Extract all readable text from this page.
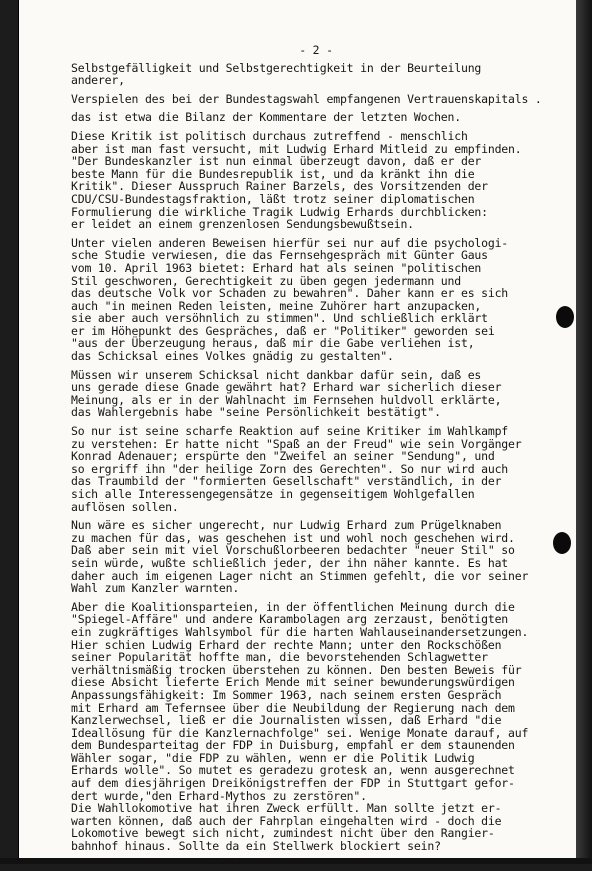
- 2 -
Selbstgefälligkeit und Selbstgerechtigkeit in der Beurteilung
anderer,
Verspielen des bei der Bundestagswahl empfangenen Vertrauenskapitals .
das ist etwa die Bilanz der Kommentare der letzten Wochen.
Diese Kritik ist politisch durchaus zutreffend - menschlich
aber ist man fast versucht, mit Ludwig Erhard Mitleid zu empfinden.
"Der Bundeskanzler ist nun einmal überzeugt davon, daß er der
beste Mann für die Bundesrepublik ist, und da kränkt ihn die
Kritik". Dieser Ausspruch Rainer Barzels, des Vorsitzenden der
CDU/CSU-Bundestagsfraktion, läßt trotz seiner diplomatischen
Formulierung die wirkliche Tragik Ludwig Erhards durchblicken:
er leidet an einem grenzenlosen Sendungsbewußtsein.
Unter vielen anderen Beweisen hierfür sei nur auf die psychologi-
sche Studie verwiesen, die das Fernsehgespräch mit Günter Gaus
vom 10. April 1963 bietet: Erhard hat als seinen "politischen
Stil geschworen, Gerechtigkeit zu üben gegen jedermann und
das deutsche Volk vor Schaden zu bewahren". Daher kann er es sich
auch "in meinen Reden leisten, meine Zuhörer hart anzupacken,
sie aber auch versöhnlich zu stimmen". Und schließlich erklärt
er im Höhepunkt des Gespräches, daß er "Politiker" geworden sei
"aus der Überzeugung heraus, daß mir die Gabe verliehen ist,
das Schicksal eines Volkes gnädig zu gestalten".
Müssen wir unserem Schicksal nicht dankbar dafür sein, daß es
uns gerade diese Gnade gewährt hat? Erhard war sicherlich dieser
Meinung, als er in der Wahlnacht im Fernsehen huldvoll erklärte,
das Wahlergebnis habe "seine Persönlichkeit bestätigt".
So nur ist seine scharfe Reaktion auf seine Kritiker im Wahlkampf
zu verstehen: Er hatte nicht "Spaß an der Freud" wie sein Vorgänger
Konrad Adenauer; erspürte den "Zweifel an seiner "Sendung", und
so ergriff ihn "der heilige Zorn des Gerechten". So nur wird auch
das Traumbild der "formierten Gesellschaft" verständlich, in der
sich alle Interessengegensätze in gegenseitigem Wohlgefallen
auflösen sollen.
Nun wäre es sicher ungerecht, nur Ludwig Erhard zum Prügelknaben
zu machen für das, was geschehen ist und wohl noch geschehen wird.
Daß aber sein mit viel Vorschußlorbeeren bedachter "neuer Stil" so
sein würde, wußte schließlich jeder, der ihn näher kannte. Es hat
daher auch im eigenen Lager nicht an Stimmen gefehlt, die vor seiner
Wahl zum Kanzler warnten.
Aber die Koalitionsparteien, in der öffentlichen Meinung durch die
"Spiegel-Affäre" und andere Karambolagen arg zerzaust, benötigten
ein zugkräftiges Wahlsymbol für die harten Wahlauseinandersetzungen.
Hier schien Ludwig Erhard der rechte Mann; unter den Rockschößen
seiner Popularität hoffte man, die bevorstehenden Schlagwetter
verhältnismäßig trocken überstehen zu können. Den besten Beweis für
diese Absicht lieferte Erich Mende mit seiner bewunderungswürdigen
Anpassungsfähigkeit: Im Sommer 1963, nach seinem ersten Gespräch
mit Erhard am Tefernsee über die Neubildung der Regierung nach dem
Kanzlerwechsel, ließ er die Journalisten wissen, daß Erhard "die
Ideallösung für die Kanzlernachfolge" sei. Wenige Monate darauf, auf
dem Bundesparteitag der FDP in Duisburg, empfahl er dem staunenden
Wähler sogar, "die FDP zu wählen, wenn er die Politik Ludwig
Erhards wolle". So mutet es geradezu grotesk an, wenn ausgerechnet
auf dem diesjährigen Dreikönigstreffen der FDP in Stuttgart gefor-
dert wurde,"den Erhard-Mythos zu zerstören".
Die Wahllokomotive hat ihren Zweck erfüllt. Man sollte jetzt er-
warten können, daß auch der Fahrplan eingehalten wird - doch die
Lokomotive bewegt sich nicht, zumindest nicht über den Rangier-
bahnhof hinaus. Sollte da ein Stellwerk blockiert sein?
- - -
